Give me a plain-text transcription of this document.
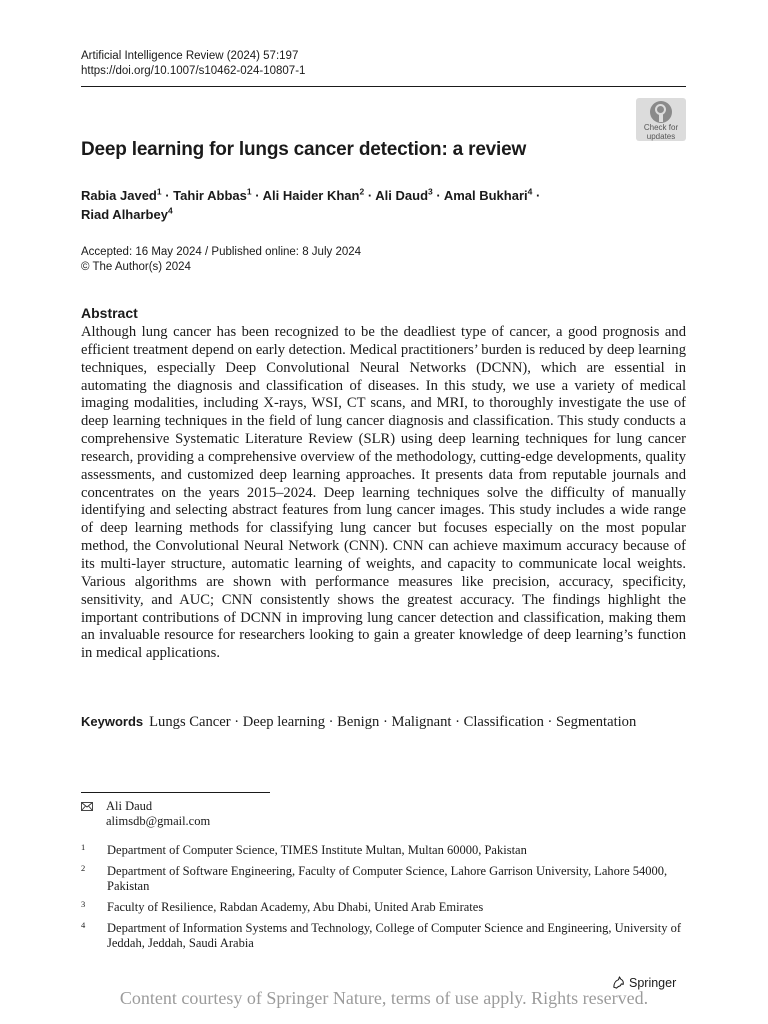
Artificial Intelligence Review (2024) 57:197
https://doi.org/10.1007/s10462-024-10807-1
Check for
updates
Deep learning for lungs cancer detection: a review
Rabia Javed$^1$ · Tahir Abbas$^1$ · Ali Haider Khan$^2$ · Ali Daud$^3$ · Amal Bukhari$^4$ ·
Riad Alharbey$^4$
Accepted: 16 May 2024 / Published online: 8 July 2024
© The Author(s) 2024
Abstract

Although lung cancer has been recognized to be the deadliest type of cancer, a good prognosis and efficient treatment depend on early detection. Medical practitioners’ burden is reduced by deep learning techniques, especially Deep Convolutional Neural Networks (DCNN), which are essential in automating the diagnosis and classification of diseases. In this study, we use a variety of medical imaging modalities, including X-rays, WSI, CT scans, and MRI, to thoroughly investigate the use of deep learning techniques in the field of lung cancer diagnosis and classification. This study conducts a comprehensive Systematic Literature Review (SLR) using deep learning techniques for lung cancer research, providing a comprehensive overview of the methodology, cutting-edge developments, quality assessments, and customized deep learning approaches. It presents data from reputable journals and concentrates on the years 2015–2024. Deep learning techniques solve the difficulty of manually identifying and selecting abstract features from lung cancer images. This study includes a wide range of deep learning methods for classifying lung cancer but focuses especially on the most popular method, the Convolutional Neural Network (CNN). CNN can achieve maximum accuracy because of its multi-layer structure, automatic learning of weights, and capacity to communicate local weights. Various algorithms are shown with performance measures like precision, accuracy, specificity, sensitivity, and AUC; CNN consistently shows the greatest accuracy. The findings highlight the important contributions of DCNN in improving lung cancer detection and classification, making them an invaluable resource for researchers looking to gain a greater knowledge of deep learning’s function in medical applications.

Keywords Lungs Cancer · Deep learning · Benign · Malignant · Classification · Segmentation
Ali Daud
alimsdb@gmail.com
1 Department of Computer Science, TIMES Institute Multan, Multan 60000, Pakistan
2 Department of Software Engineering, Faculty of Computer Science, Lahore Garrison University, Lahore 54000, Pakistan
3 Faculty of Resilience, Rabdan Academy, Abu Dhabi, United Arab Emirates
4 Department of Information Systems and Technology, College of Computer Science and Engineering, University of Jeddah, Jeddah, Saudi Arabia
Springer
Content courtesy of Springer Nature, terms of use apply. Rights reserved.
